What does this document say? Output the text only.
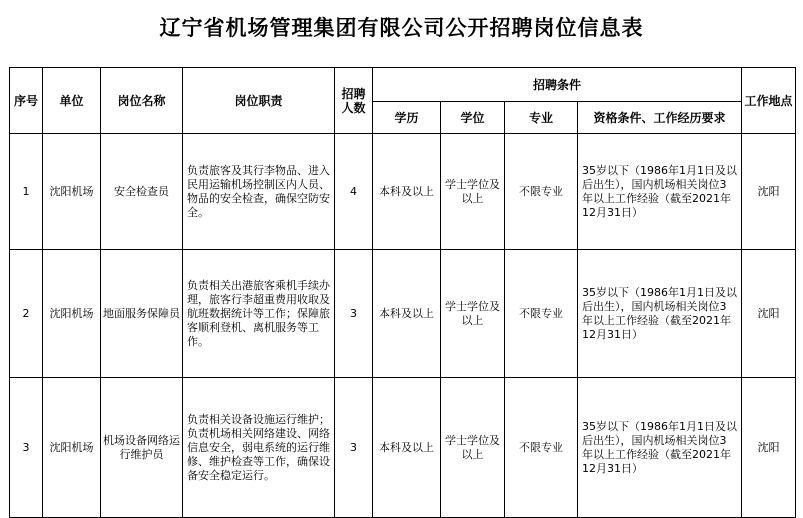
辽宁省机场管理集团有限公司公开招聘岗位信息表
序号	单位	岗位名称	岗位职责	招聘人数	招聘条件				工作地点
					学历	学位	专业	资格条件、工作经历要求	
1	沈阳机场	安全检查员	负责旅客及其行李物品、进入民用运输机场控制区内人员、物品的安全检查，确保空防安全。	4	本科及以上	学士学位及以上	不限专业	35岁以下（1986年1月1日及以后出生），国内机场相关岗位3年以上工作经验（截至2021年12月31日）	沈阳
2	沈阳机场	地面服务保障员	负责相关出港旅客乘机手续办理，旅客行李超重费用收取及航班数据统计等工作；保障旅客顺利登机、离机服务等工作。	3	本科及以上	学士学位及以上	不限专业	35岁以下（1986年1月1日及以后出生），国内机场相关岗位3年以上工作经验（截至2021年12月31日）	沈阳
3	沈阳机场	机场设备网络运行维护员	负责相关设备设施运行维护；负责机场相关网络建设、网络信息安全，弱电系统的运行维修、维护检查等工作，确保设备安全稳定运行。	3	本科及以上	学士学位及以上	不限专业	35岁以下（1986年1月1日及以后出生），国内机场相关岗位3年以上工作经验（截至2021年12月31日）	沈阳
